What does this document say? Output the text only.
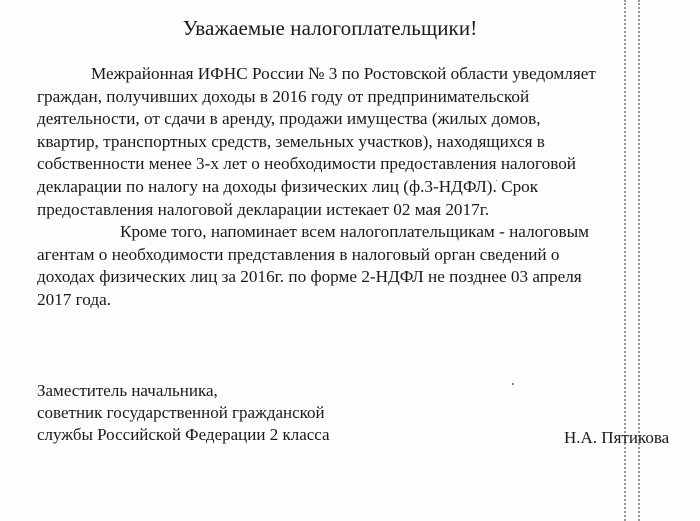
Уважаемые налогоплательщики!
Межрайонная ИФНС России № 3 по Ростовской области уведомляет
граждан, получивших доходы в 2016 году от предпринимательской
деятельности, от сдачи в аренду, продажи имущества (жилых домов,
квартир, транспортных средств, земельных участков), находящихся в
собственности менее 3-х лет о необходимости предоставления налоговой
декларации по налогу на доходы физических лиц (ф.3-НДФЛ). Срок
предоставления налоговой декларации истекает 02 мая 2017г.
Кроме того, напоминает всем налогоплательщикам - налоговым
агентам о необходимости представления в налоговый орган сведений о
доходах физических лиц за 2016г. по форме 2-НДФЛ не позднее 03 апреля
2017 года.
Заместитель начальника,
советник государственной гражданской
службы Российской Федерации 2 класса	Н.А. Пятикова
